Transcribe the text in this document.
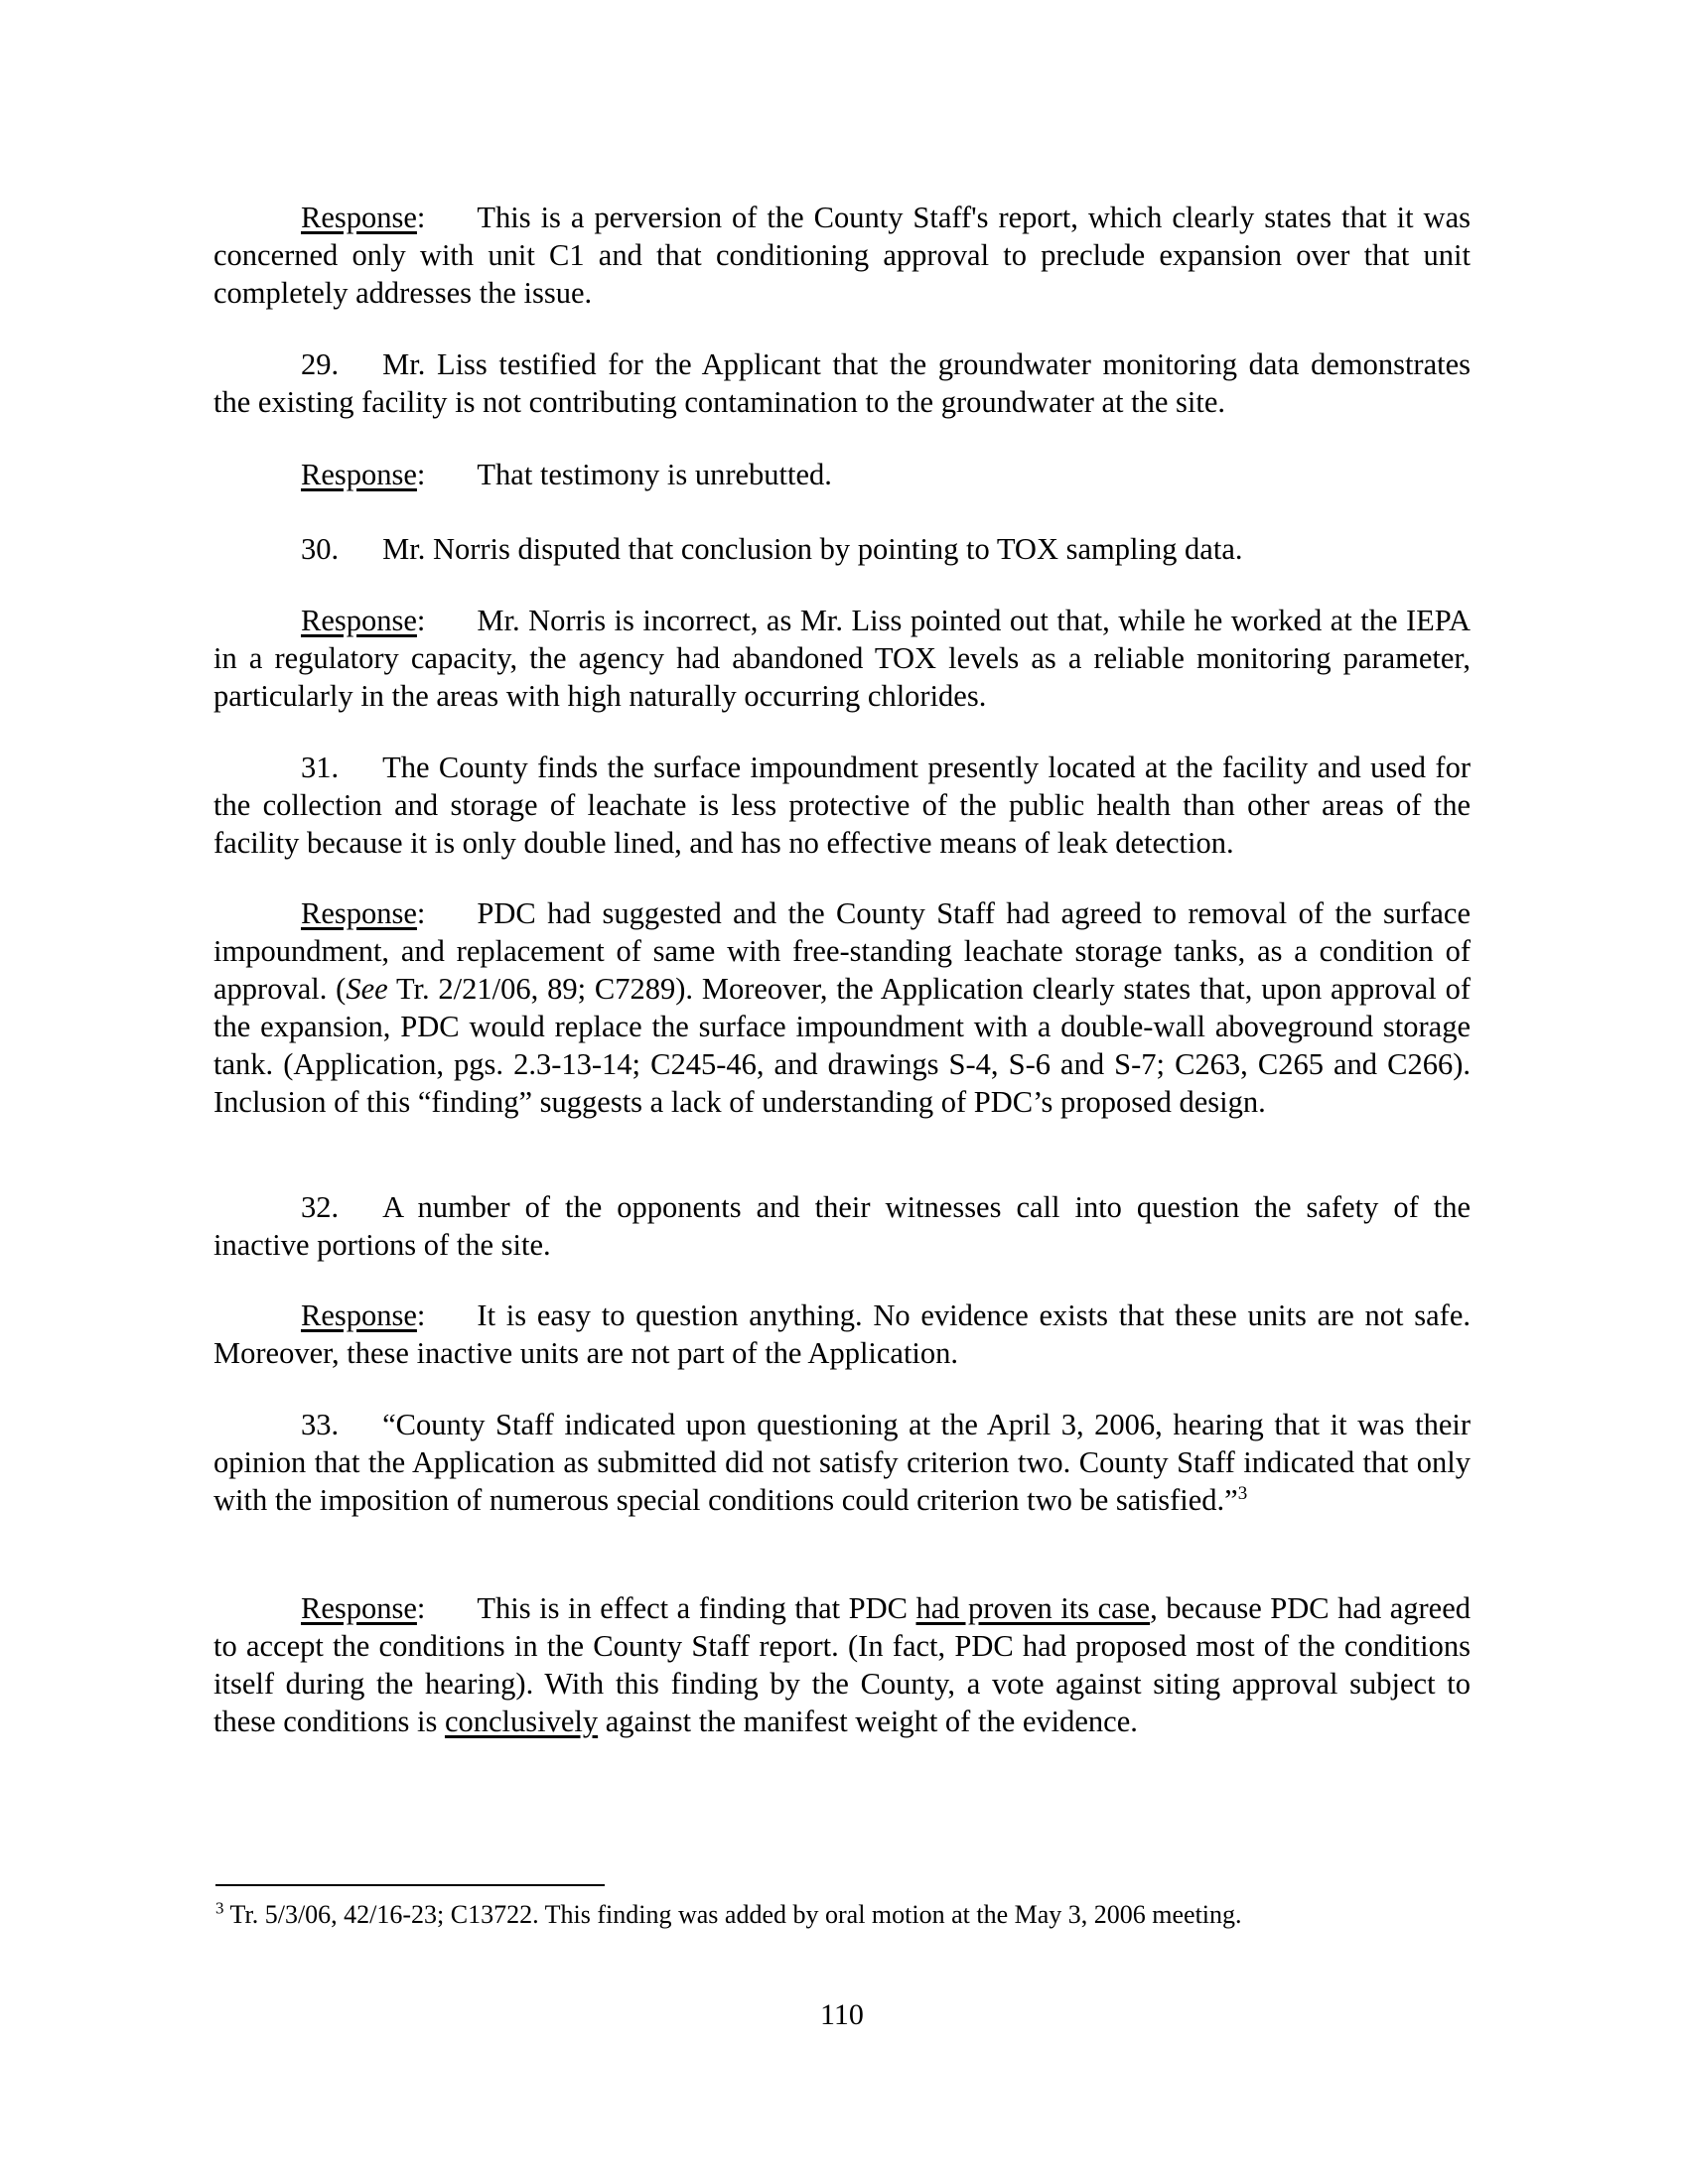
Response: This is a perversion of the County Staff's report, which clearly states that it was concerned only with unit C1 and that conditioning approval to preclude expansion over that unit completely addresses the issue.

29. Mr. Liss testified for the Applicant that the groundwater monitoring data demonstrates the existing facility is not contributing contamination to the groundwater at the site.

Response: That testimony is unrebutted.

30. Mr. Norris disputed that conclusion by pointing to TOX sampling data.

Response: Mr. Norris is incorrect, as Mr. Liss pointed out that, while he worked at the IEPA in a regulatory capacity, the agency had abandoned TOX levels as a reliable monitoring parameter, particularly in the areas with high naturally occurring chlorides.

31. The County finds the surface impoundment presently located at the facility and used for the collection and storage of leachate is less protective of the public health than other areas of the facility because it is only double lined, and has no effective means of leak detection.

Response: PDC had suggested and the County Staff had agreed to removal of the surface impoundment, and replacement of same with free-standing leachate storage tanks, as a condition of approval. (See Tr. 2/21/06, 89; C7289). Moreover, the Application clearly states that, upon approval of the expansion, PDC would replace the surface impoundment with a double-wall aboveground storage tank. (Application, pgs. 2.3-13-14; C245-46, and drawings S-4, S-6 and S-7; C263, C265 and C266). Inclusion of this “finding” suggests a lack of understanding of PDC’s proposed design.

32. A number of the opponents and their witnesses call into question the safety of the inactive portions of the site.

Response: It is easy to question anything. No evidence exists that these units are not safe. Moreover, these inactive units are not part of the Application.

33. “County Staff indicated upon questioning at the April 3, 2006, hearing that it was their opinion that the Application as submitted did not satisfy criterion two. County Staff indicated that only with the imposition of numerous special conditions could criterion two be satisfied.”$^3$

Response: This is in effect a finding that PDC had proven its case, because PDC had agreed to accept the conditions in the County Staff report. (In fact, PDC had proposed most of the conditions itself during the hearing). With this finding by the County, a vote against siting approval subject to these conditions is conclusively against the manifest weight of the evidence.

$^3$ Tr. 5/3/06, 42/16-23; C13722. This finding was added by oral motion at the May 3, 2006 meeting.

110
